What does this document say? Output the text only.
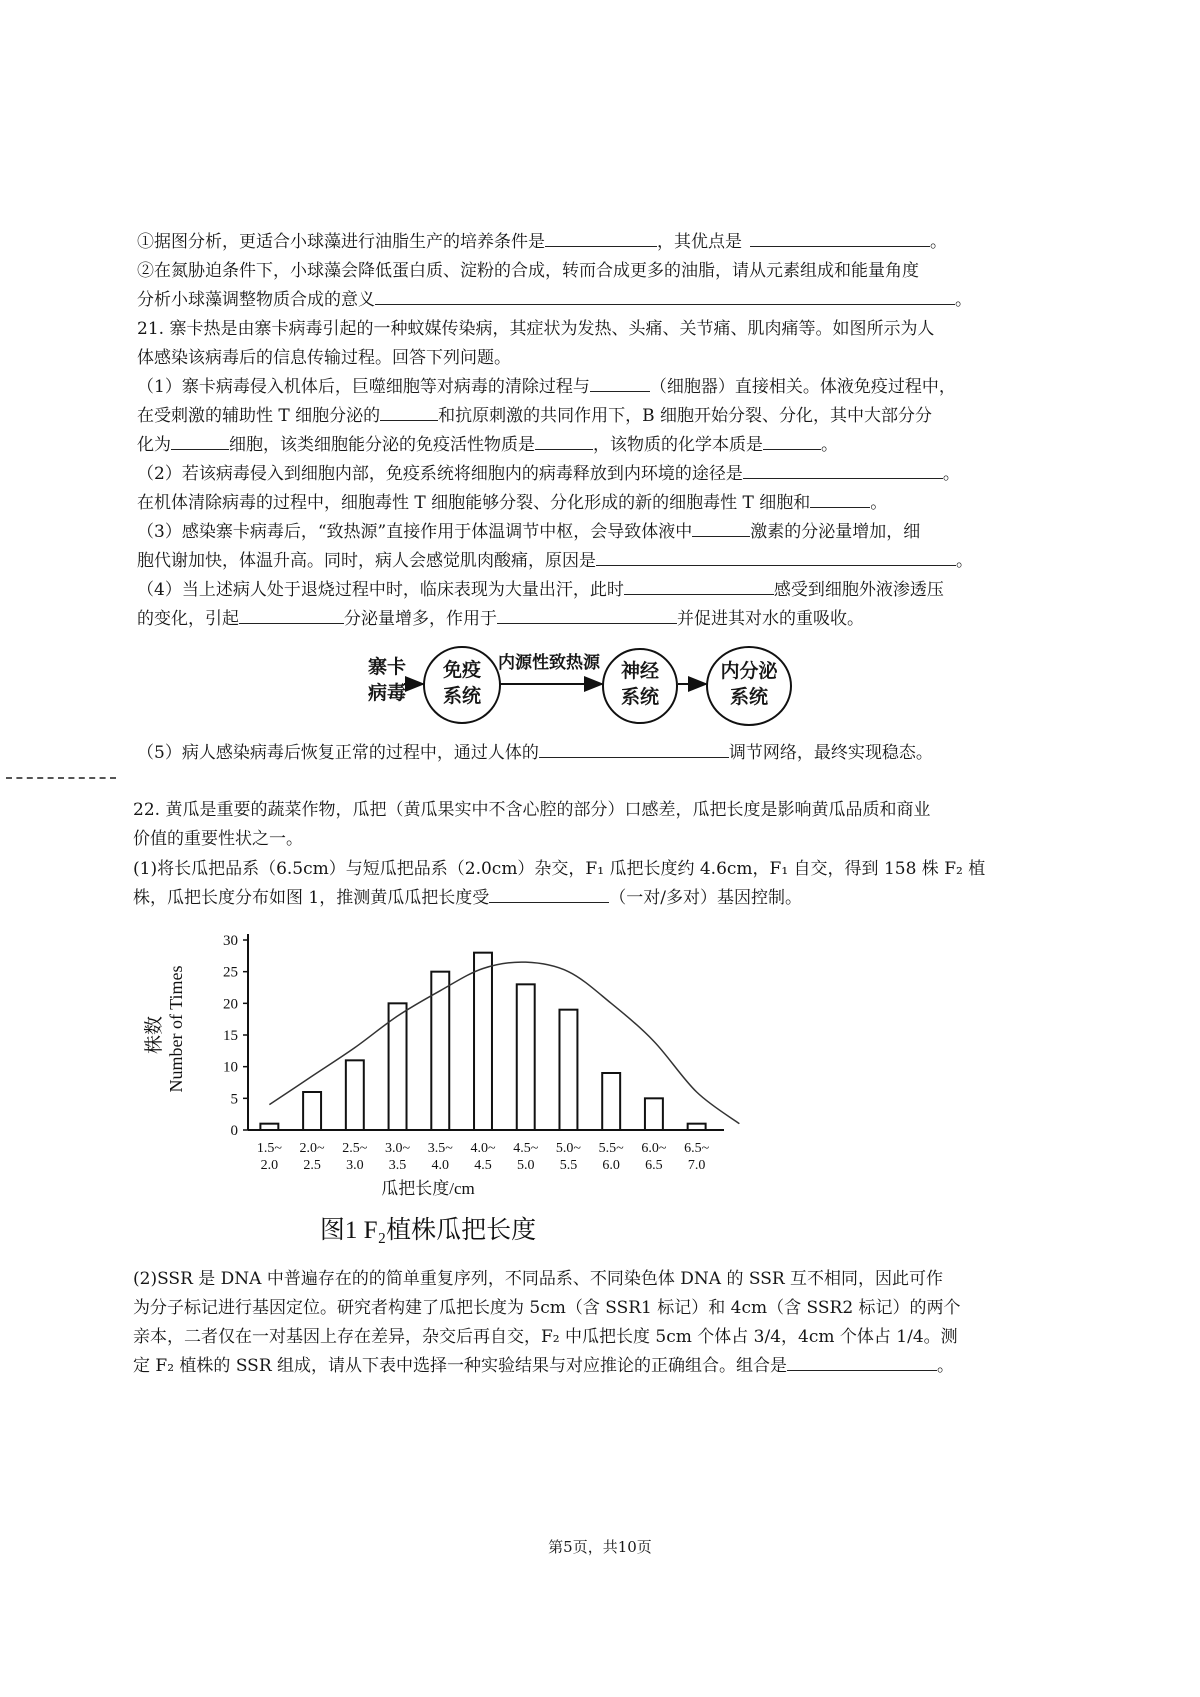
①据图分析，更适合小球藻进行油脂生产的培养条件是	，其优点是	。
②在氮胁迫条件下，小球藻会降低蛋白质、淀粉的合成，转而合成更多的油脂，请从元素组成和能量角度
分析小球藻调整物质合成的意义	。
21. 寨卡热是由寨卡病毒引起的一种蚊媒传染病，其症状为发热、头痛、关节痛、肌肉痛等。如图所示为人
体感染该病毒后的信息传输过程。回答下列问题。
（1）寨卡病毒侵入机体后，巨噬细胞等对病毒的清除过程与	（细胞器）直接相关。体液免疫过程中，
在受刺激的辅助性 T 细胞分泌的	和抗原刺激的共同作用下，B 细胞开始分裂、分化，其中大部分分
化为	细胞，该类细胞能分泌的免疫活性物质是	，该物质的化学本质是	。
（2）若该病毒侵入到细胞内部，免疫系统将细胞内的病毒释放到内环境的途径是	。
在机体清除病毒的过程中，细胞毒性 T 细胞能够分裂、分化形成的新的细胞毒性 T 细胞和	。
（3）感染寨卡病毒后，“致热源”直接作用于体温调节中枢，会导致体液中	激素的分泌量增加，细
胞代谢加快，体温升高。同时，病人会感觉肌肉酸痛，原因是	。
（4）当上述病人处于退烧过程中时，临床表现为大量出汗，此时	感受到细胞外液渗透压
的变化，引起	分泌量增多，作用于	并促进其对水的重吸收。
寨卡
病毒
免疫
系统
内源性致热源	神经
系统
内分泌
系统
（5）病人感染病毒后恢复正常的过程中，通过人体的	调节网络，最终实现稳态。
22. 黄瓜是重要的蔬菜作物，瓜把（黄瓜果实中不含心腔的部分）口感差，瓜把长度是影响黄瓜品质和商业
价值的重要性状之一。
(1)将长瓜把品系（6.5cm）与短瓜把品系（2.0cm）杂交，F₁ 瓜把长度约 4.6cm，F₁ 自交，得到 158 株 F₂ 植
株，瓜把长度分布如图 1，推测黄瓜瓜把长度受	（一对/多对）基因控制。
0
5
10
15
20
25
30
1.5~
2.0
2.0~
2.5
2.5~
3.0
3.0~
3.5
3.5~
4.0
4.0~
4.5
4.5~
5.0
5.0~
5.5
5.5~
6.0
6.0~
6.5
6.5~
7.0
株数 Number of Times
瓜把长度/cm
图1 F₂植株瓜把长度
(2)SSR 是 DNA 中普遍存在的的简单重复序列，不同品系、不同染色体 DNA 的 SSR 互不相同，因此可作
为分子标记进行基因定位。研究者构建了瓜把长度为 5cm（含 SSR1 标记）和 4cm（含 SSR2 标记）的两个
亲本，二者仅在一对基因上存在差异，杂交后再自交，F₂ 中瓜把长度 5cm 个体占 3/4，4cm 个体占 1/4。测
定 F₂ 植株的 SSR 组成，请从下表中选择一种实验结果与对应推论的正确组合。组合是	。
第5页，共10页
